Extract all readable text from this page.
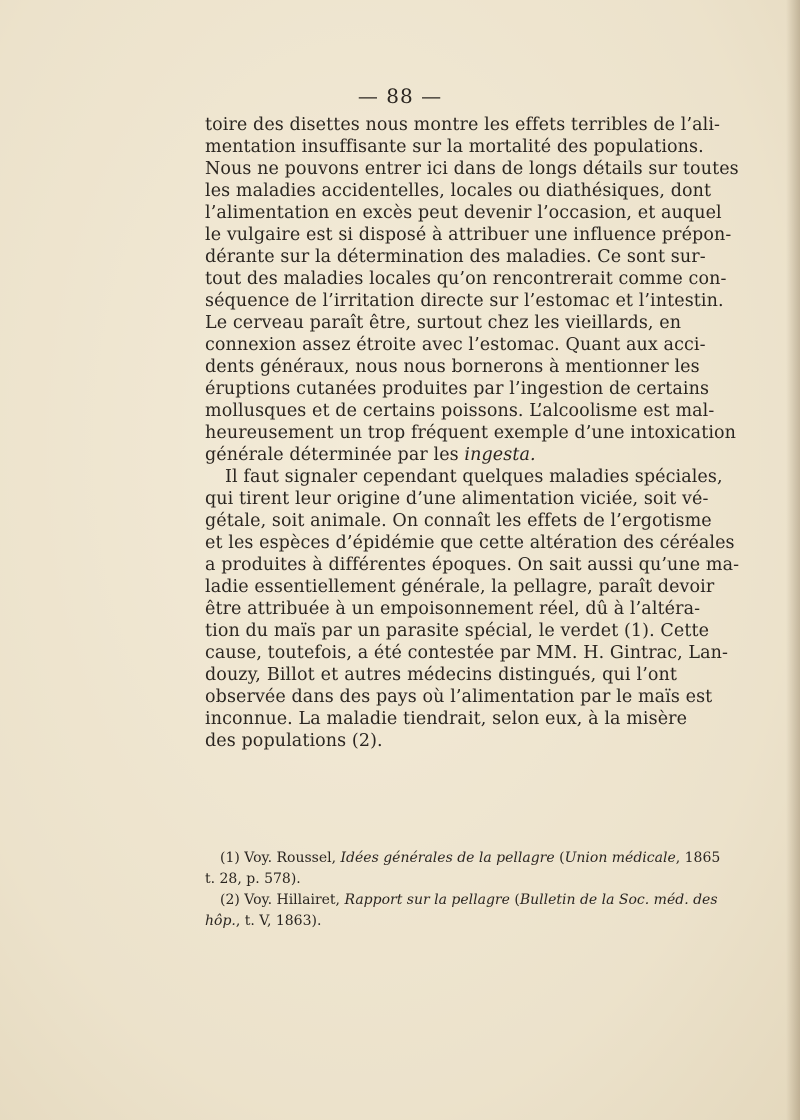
— 88 —
toire des disettes nous montre les effets terribles de l’ali-
mentation insuffisante sur la mortalité des populations.
Nous ne pouvons entrer ici dans de longs détails sur toutes
les maladies accidentelles, locales ou diathésiques, dont
l’alimentation en excès peut devenir l’occasion, et auquel
le vulgaire est si disposé à attribuer une influence prépon-
dérante sur la détermination des maladies. Ce sont sur-
tout des maladies locales qu’on rencontrerait comme con-
séquence de l’irritation directe sur l’estomac et l’intestin.
Le cerveau paraît être, surtout chez les vieillards, en
connexion assez étroite avec l’estomac. Quant aux acci-
dents généraux, nous nous bornerons à mentionner les
éruptions cutanées produites par l’ingestion de certains
mollusques et de certains poissons. L’alcoolisme est mal-
heureusement un trop fréquent exemple d’une intoxication
générale déterminée par les ingesta.
Il faut signaler cependant quelques maladies spéciales,
qui tirent leur origine d’une alimentation viciée, soit vé-
gétale, soit animale. On connaît les effets de l’ergotisme
et les espèces d’épidémie que cette altération des céréales
a produites à différentes époques. On sait aussi qu’une ma-
ladie essentiellement générale, la pellagre, paraît devoir
être attribuée à un empoisonnement réel, dû à l’altéra-
tion du maïs par un parasite spécial, le verdet (1). Cette
cause, toutefois, a été contestée par MM. H. Gintrac, Lan-
douzy, Billot et autres médecins distingués, qui l’ont
observée dans des pays où l’alimentation par le maïs est
inconnue. La maladie tiendrait, selon eux, à la misère
des populations (2).
(1) Voy. Roussel, Idées générales de la pellagre (Union médicale, 1865
t. 28, p. 578).
(2) Voy. Hillairet, Rapport sur la pellagre (Bulletin de la Soc. méd. des
hôp., t. V, 1863).
